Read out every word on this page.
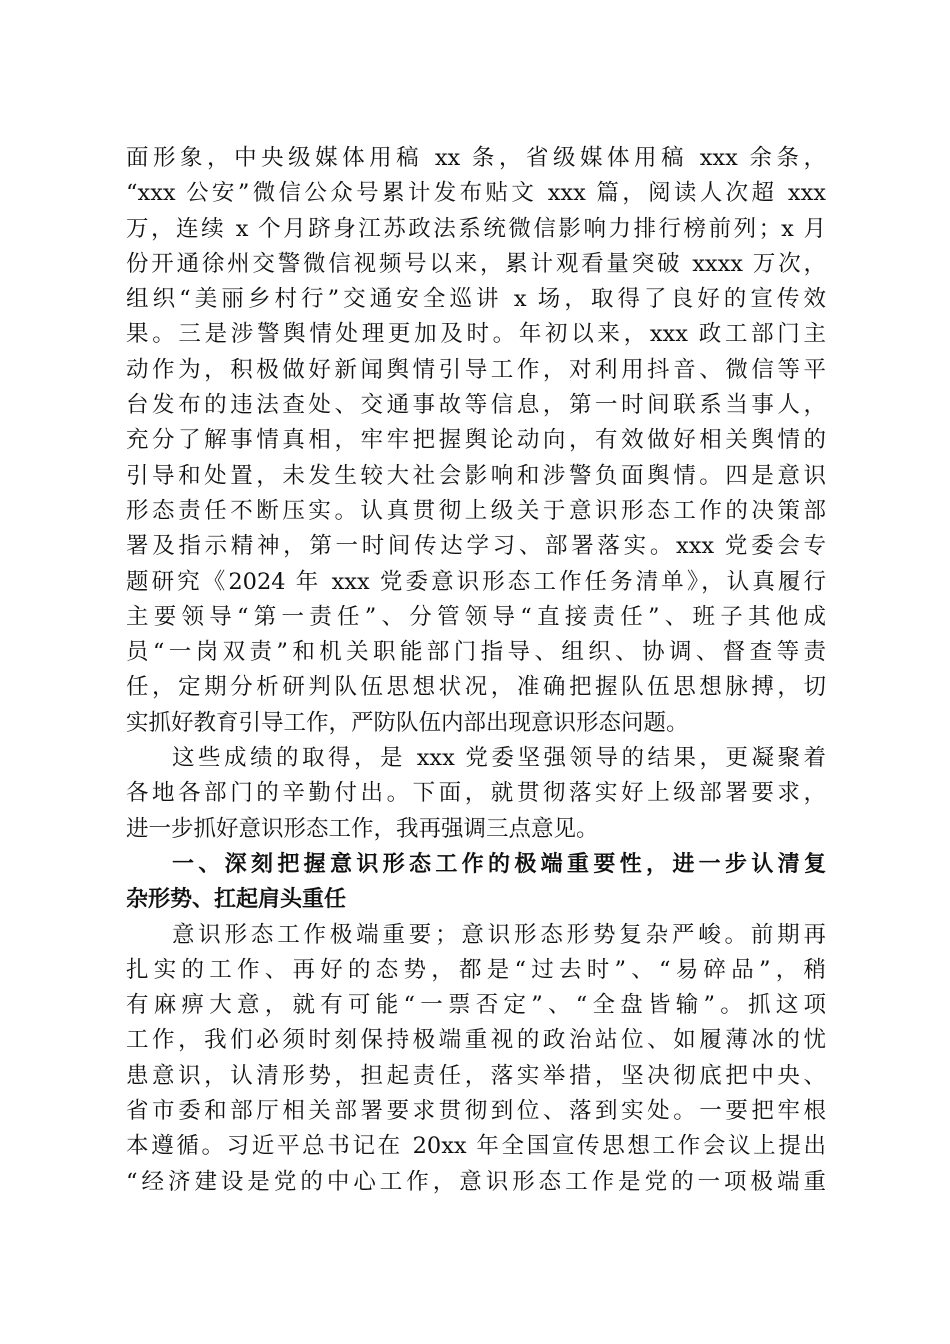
面形象，中央级媒体用稿 xx 条，省级媒体用稿 xxx 余条，
“xxx 公安”微信公众号累计发布贴文 xxx 篇，阅读人次超 xxx
万，连续 x 个月跻身江苏政法系统微信影响力排行榜前列；x 月
份开通徐州交警微信视频号以来，累计观看量突破 xxxx 万次，
组织“美丽乡村行”交通安全巡讲 x 场，取得了良好的宣传效
果。三是涉警舆情处理更加及时。年初以来，xxx 政工部门主
动作为，积极做好新闻舆情引导工作，对利用抖音、微信等平
台发布的违法查处、交通事故等信息，第一时间联系当事人，
充分了解事情真相，牢牢把握舆论动向，有效做好相关舆情的
引导和处置，未发生较大社会影响和涉警负面舆情。四是意识
形态责任不断压实。认真贯彻上级关于意识形态工作的决策部
署及指示精神，第一时间传达学习、部署落实。xxx 党委会专
题研究《2024 年 xxx 党委意识形态工作任务清单》，认真履行
主要领导“第一责任”、分管领导“直接责任”、班子其他成
员“一岗双责”和机关职能部门指导、组织、协调、督查等责
任，定期分析研判队伍思想状况，准确把握队伍思想脉搏，切
实抓好教育引导工作，严防队伍内部出现意识形态问题。
这些成绩的取得，是 xxx 党委坚强领导的结果，更凝聚着
各地各部门的辛勤付出。下面，就贯彻落实好上级部署要求，
进一步抓好意识形态工作，我再强调三点意见。
一、深刻把握意识形态工作的极端重要性，进一步认清复
杂形势、扛起肩头重任
意识形态工作极端重要；意识形态形势复杂严峻。前期再
扎实的工作、再好的态势，都是“过去时”、“易碎品”，稍
有麻痹大意，就有可能“一票否定”、“全盘皆输”。抓这项
工作，我们必须时刻保持极端重视的政治站位、如履薄冰的忧
患意识，认清形势，担起责任，落实举措，坚决彻底把中央、
省市委和部厅相关部署要求贯彻到位、落到实处。一要把牢根
本遵循。习近平总书记在 20xx 年全国宣传思想工作会议上提出
“经济建设是党的中心工作，意识形态工作是党的一项极端重
